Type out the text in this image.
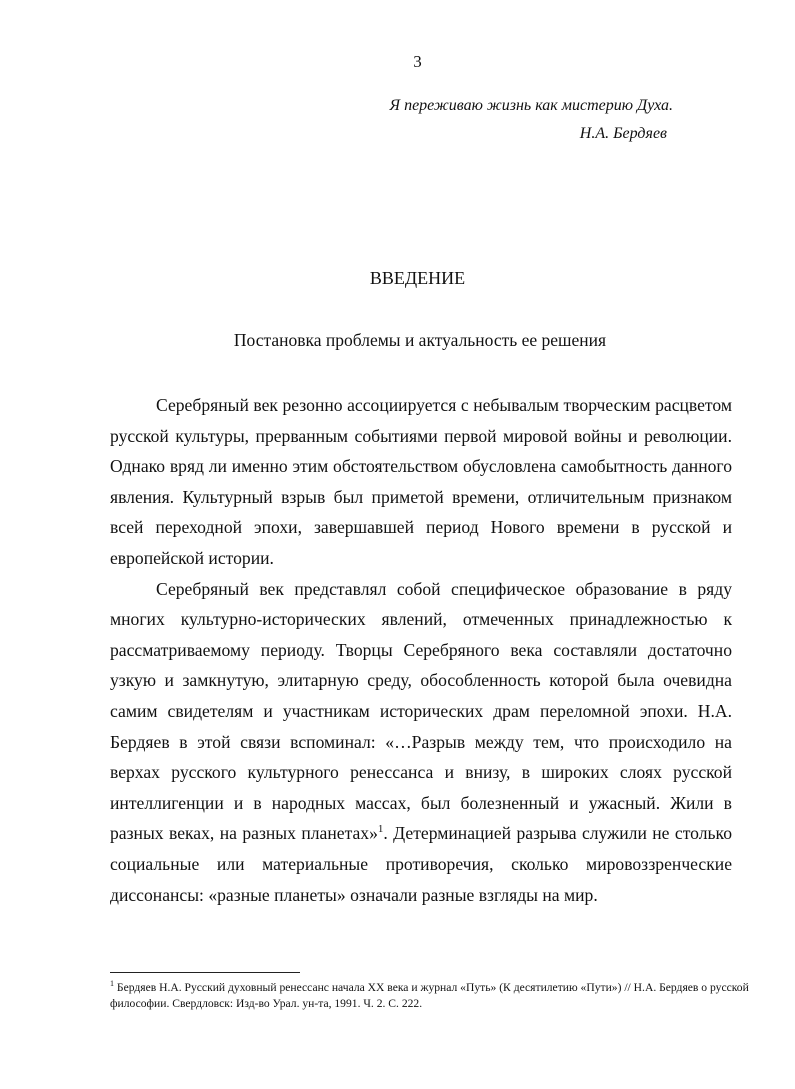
3
Я переживаю жизнь как мистерию Духа.

Н.А. Бердяев
ВВЕДЕНИЕ
Постановка проблемы и актуальность ее решения

Серебряный век резонно ассоциируется с небывалым творческим расцветом русской культуры, прерванным событиями первой мировой войны и революции. Однако вряд ли именно этим обстоятельством обусловлена самобытность данного явления. Культурный взрыв был приметой времени, отличительным признаком всей переходной эпохи, завершавшей период Нового времени в русской и европейской истории.

Серебряный век представлял собой специфическое образование в ряду многих культурно-исторических явлений, отмеченных принадлежностью к рассматриваемому периоду. Творцы Серебряного века составляли достаточно узкую и замкнутую, элитарную среду, обособленность которой была очевидна самим свидетелям и участникам исторических драм переломной эпохи. Н.А. Бердяев в этой связи вспоминал: «…Разрыв между тем, что происходило на верхах русского культурного ренессанса и внизу, в широких слоях русской интеллигенции и в народных массах, был болезненный и ужасный. Жили в разных веках, на разных планетах»$^1$. Детерминацией разрыва служили не столько социальные или материальные противоречия, сколько мировоззренческие диссонансы: «разные планеты» означали разные взгляды на мир.

$^1$ Бердяев Н.А. Русский духовный ренессанс начала XX века и журнал «Путь» (К десятилетию «Пути») // Н.А. Бердяев о русской философии. Свердловск: Изд-во Урал. ун-та, 1991. Ч. 2. С. 222.
